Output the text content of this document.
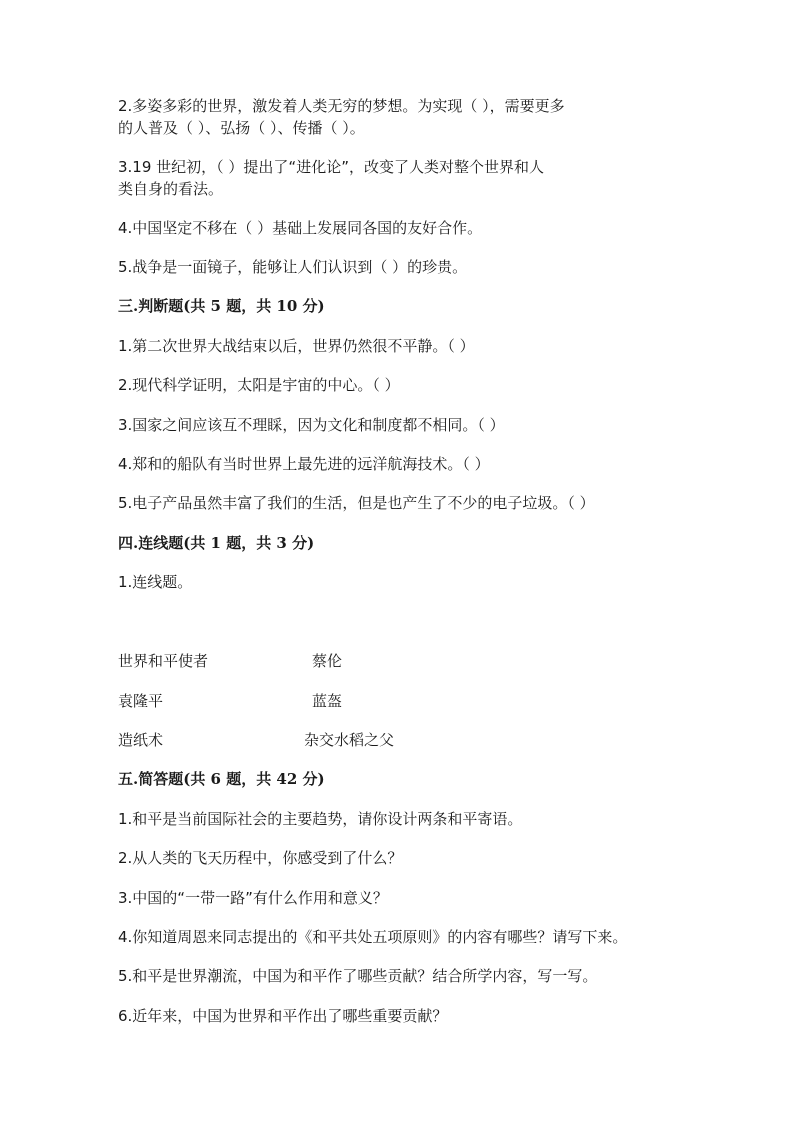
2.多姿多彩的世界，激发着人类无穷的梦想。为实现（ ），需要更多
的人普及（ ）、弘扬（ ）、传播（ ）。
3.19 世纪初，（ ）提出了“进化论”，改变了人类对整个世界和人
类自身的看法。
4.中国坚定不移在（ ）基础上发展同各国的友好合作。
5.战争是一面镜子，能够让人们认识到（ ）的珍贵。
三.判断题(共 5 题，共 10 分)
1.第二次世界大战结束以后，世界仍然很不平静。（ ）
2.现代科学证明，太阳是宇宙的中心。（ ）
3.国家之间应该互不理睬，因为文化和制度都不相同。（ ）
4.郑和的船队有当时世界上最先进的远洋航海技术。（ ）
5.电子产品虽然丰富了我们的生活，但是也产生了不少的电子垃圾。（ ）
四.连线题(共 1 题，共 3 分)
1.连线题。
世界和平使者	蔡伦
袁隆平	蓝盔
造纸术	杂交水稻之父
五.简答题(共 6 题，共 42 分)
1.和平是当前国际社会的主要趋势，请你设计两条和平寄语。
2.从人类的飞天历程中，你感受到了什么？
3.中国的“一带一路”有什么作用和意义？
4.你知道周恩来同志提出的《和平共处五项原则》的内容有哪些？请写下来。
5.和平是世界潮流，中国为和平作了哪些贡献？结合所学内容，写一写。
6.近年来，中国为世界和平作出了哪些重要贡献？
